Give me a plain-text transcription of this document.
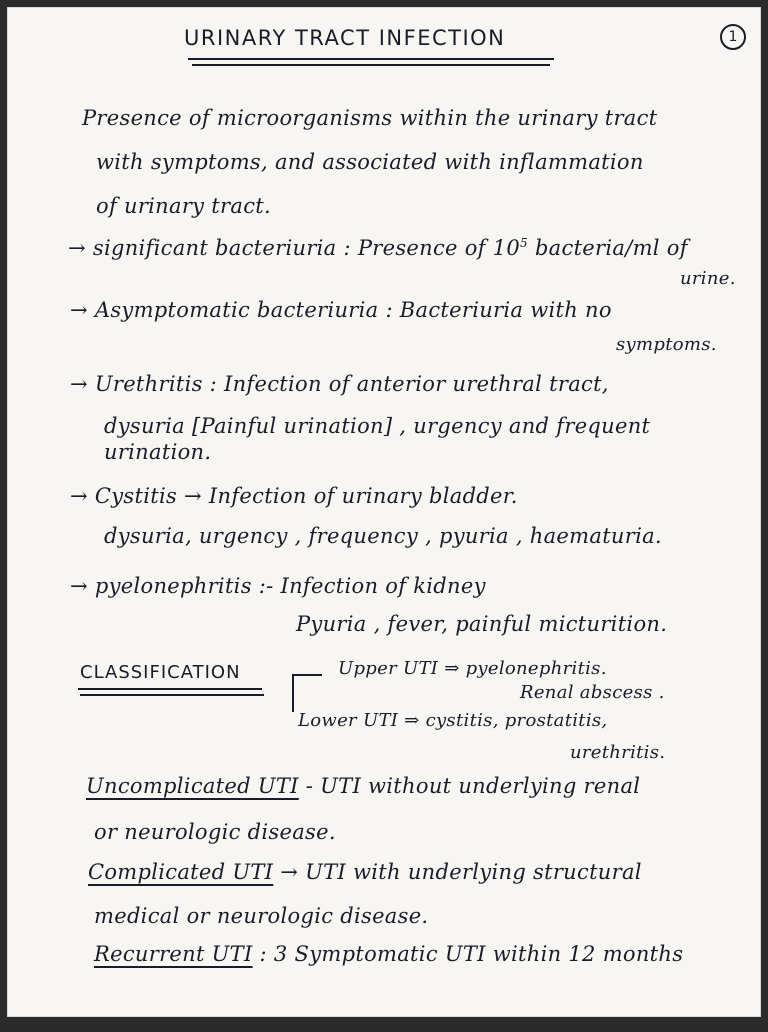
URINARY TRACT INFECTION	1
Presence of microorganisms within the urinary tract
with symptoms, and associated with inflammation
of urinary tract.
→ significant bacteriuria : Presence of $10^5$ bacteria/ml of
urine.
→ Asymptomatic bacteriuria : Bacteriuria with no
symptoms.
→ Urethritis : Infection of anterior urethral tract,
dysuria [Painful urination] , urgency and frequent
urination.
→ Cystitis → Infection of urinary bladder.
dysuria, urgency , frequency , pyuria , haematuria.
→ pyelonephritis :- Infection of kidney
Pyuria , fever, painful micturition.
CLASSIFICATION	Upper UTI ⇒ pyelonephritis.
Renal abscess .
Lower UTI ⇒ cystitis, prostatitis,
urethritis.
Uncomplicated UTI - UTI without underlying renal
or neurologic disease.
Complicated UTI → UTI with underlying structural
medical or neurologic disease.
Recurrent UTI : 3 Symptomatic UTI within 12 months
